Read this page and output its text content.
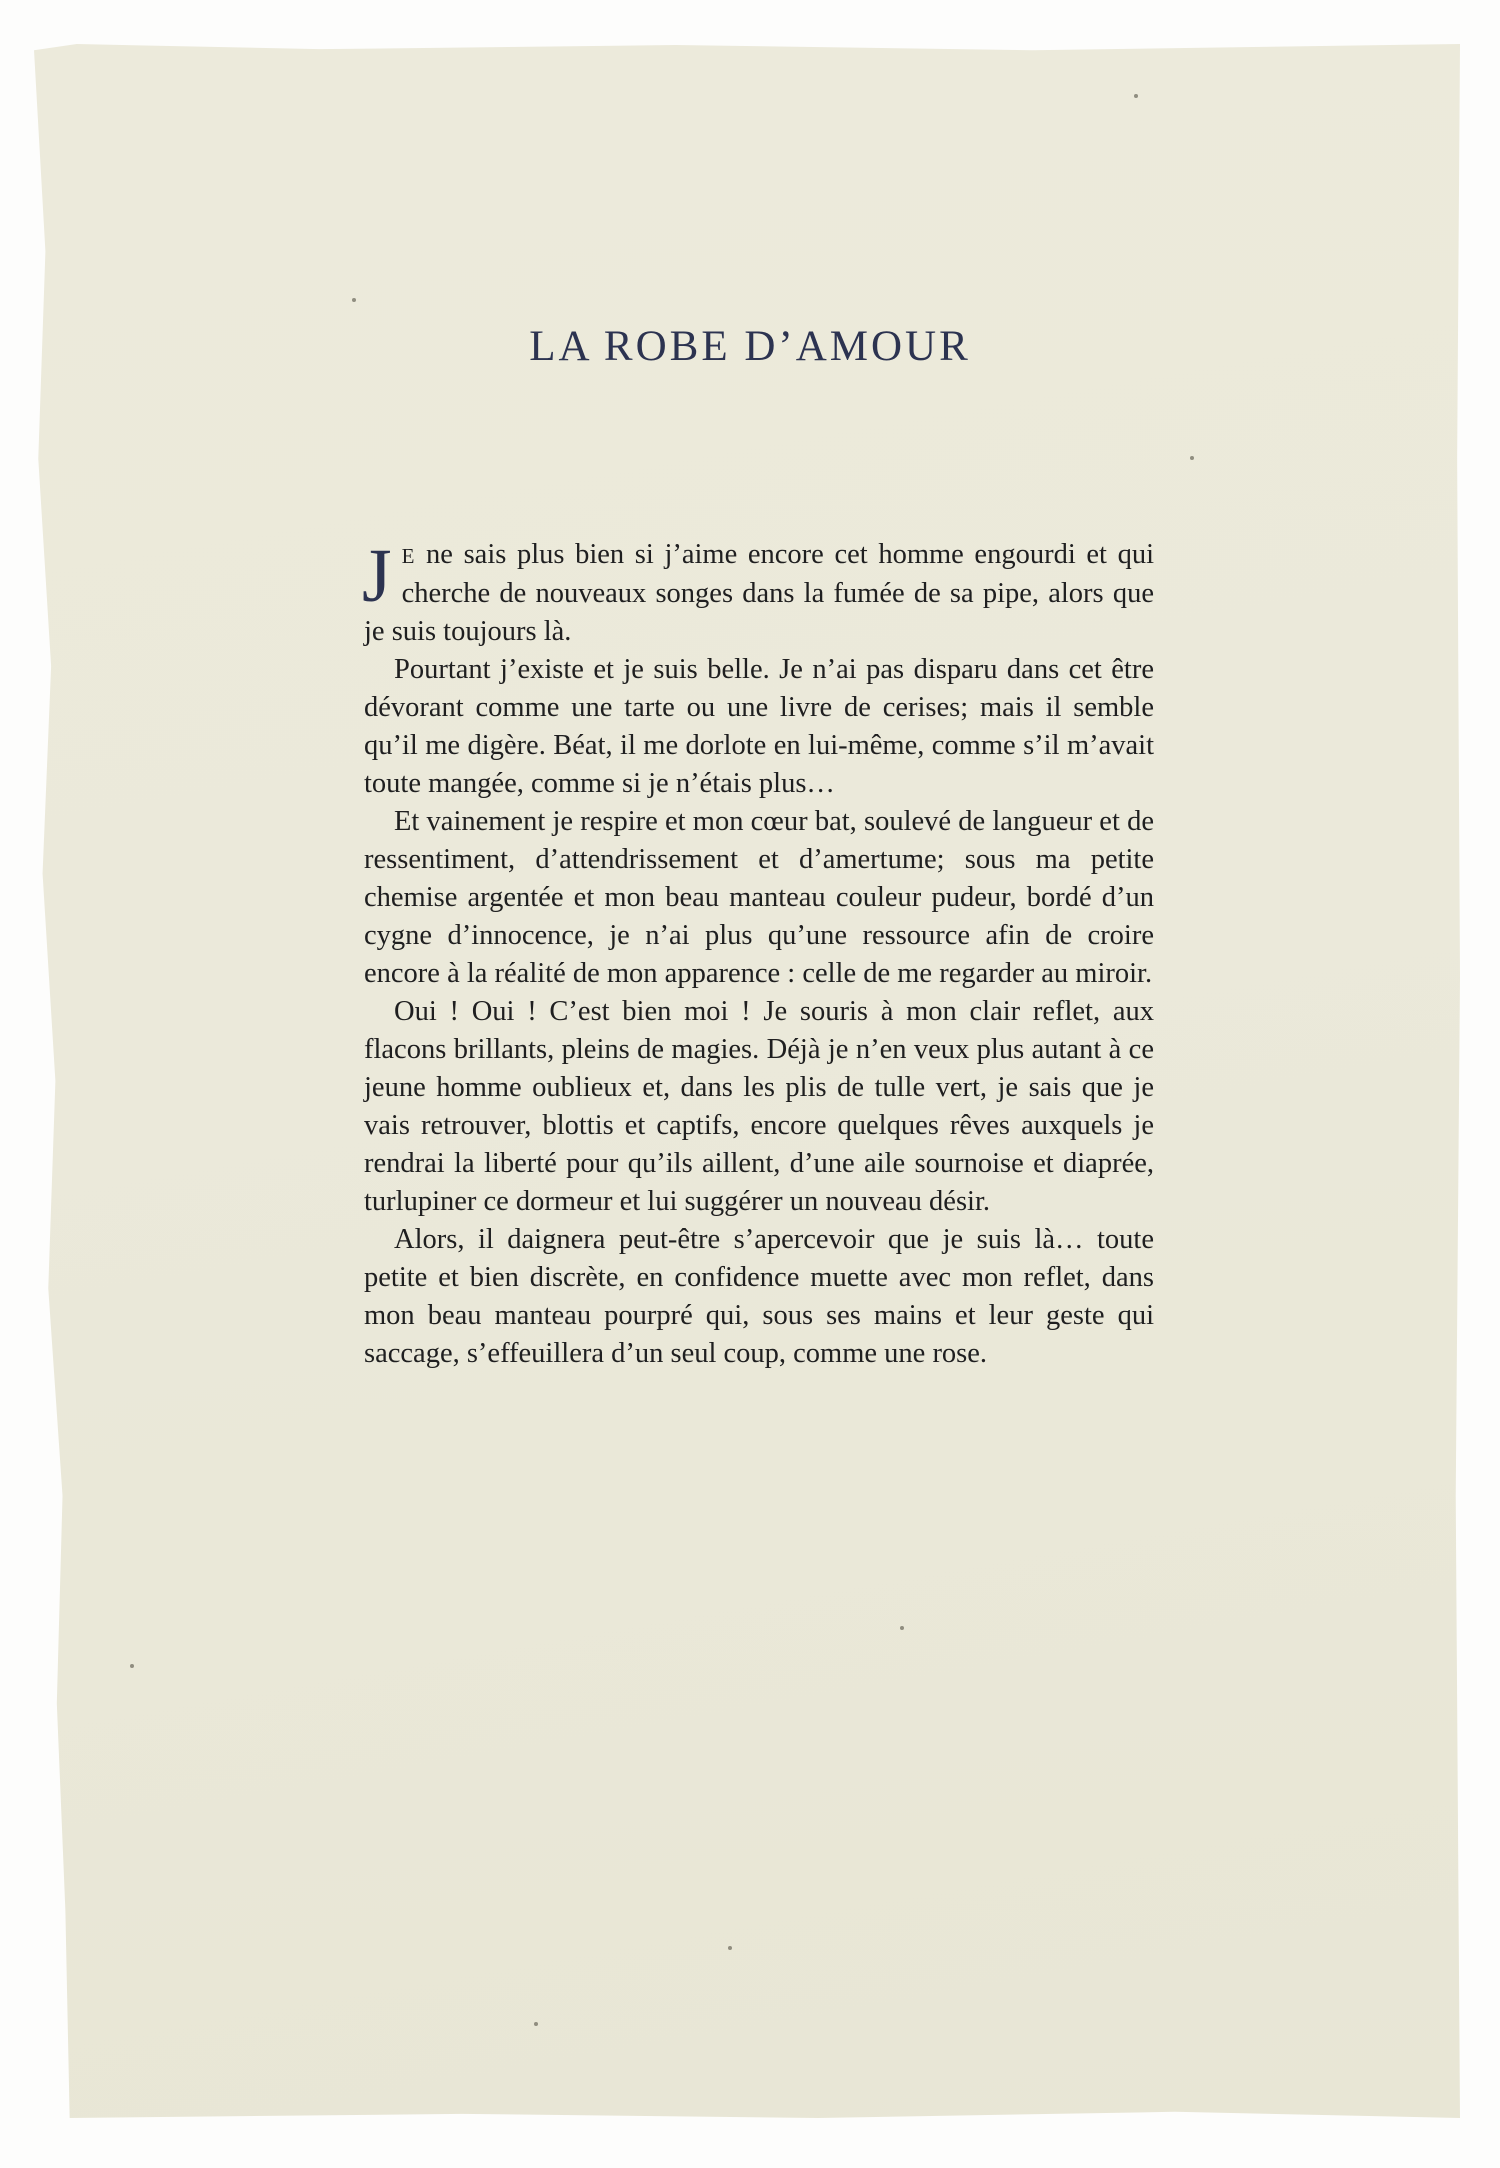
LA ROBE D’AMOUR

JE ne sais plus bien si j’aime encore cet homme engourdi et qui cherche de nouveaux songes dans la fumée de sa pipe, alors que je suis toujours là.

Pourtant j’existe et je suis belle. Je n’ai pas disparu dans cet être dévorant comme une tarte ou une livre de cerises; mais il semble qu’il me digère. Béat, il me dorlote en lui-même, comme s’il m’avait toute mangée, comme si je n’étais plus…

Et vainement je respire et mon cœur bat, soulevé de langueur et de ressentiment, d’attendrissement et d’amertume; sous ma petite chemise argentée et mon beau manteau couleur pudeur, bordé d’un cygne d’innocence, je n’ai plus qu’une ressource afin de croire encore à la réalité de mon apparence : celle de me regarder au miroir.

Oui ! Oui ! C’est bien moi ! Je souris à mon clair reflet, aux flacons brillants, pleins de magies. Déjà je n’en veux plus autant à ce jeune homme oublieux et, dans les plis de tulle vert, je sais que je vais retrouver, blottis et captifs, encore quelques rêves auxquels je rendrai la liberté pour qu’ils aillent, d’une aile sournoise et diaprée, turlupiner ce dormeur et lui suggérer un nouveau désir.

Alors, il daignera peut-être s’apercevoir que je suis là… toute petite et bien discrète, en confidence muette avec mon reflet, dans mon beau manteau pourpré qui, sous ses mains et leur geste qui saccage, s’effeuillera d’un seul coup, comme une rose.
